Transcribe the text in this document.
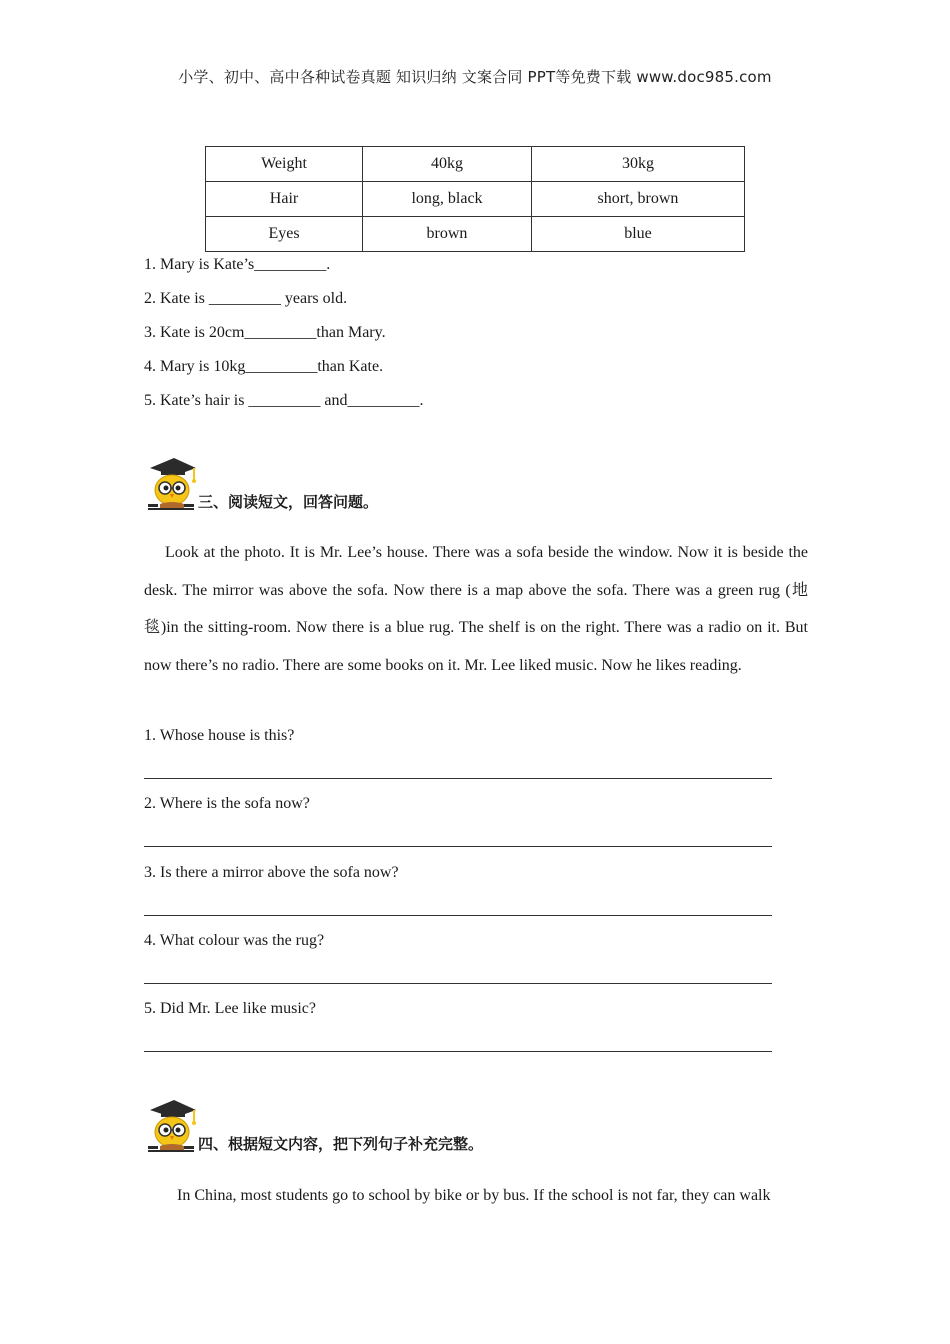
小学、初中、高中各种试卷真题 知识归纳 文案合同 PPT等免费下载 www.doc985.com
Weight	40kg	30kg
Hair	long, black	short, brown
Eyes	brown	blue
1. Mary is Kate’s_________.
2. Kate is _________ years old.
3. Kate is 20cm_________than Mary.
4. Mary is 10kg_________than Kate.
5. Kate’s hair is _________ and_________.
三、阅读短文，回答问题。
Look at the photo. It is Mr. Lee’s house. There was a sofa beside the window. Now it is beside the desk. The mirror was above the sofa. Now there is a map above the sofa. There was a green rug (地毯)in the sitting-room. Now there is a blue rug. The shelf is on the right. There was a radio on it. But now there’s no radio. There are some books on it. Mr. Lee liked music. Now he likes reading.
1. Whose house is this?
2. Where is the sofa now?
3. Is there a mirror above the sofa now?
4. What colour was the rug?
5. Did Mr. Lee like music?
四、根据短文内容，把下列句子补充完整。
In China, most students go to school by bike or by bus. If the school is not far, they can walk
